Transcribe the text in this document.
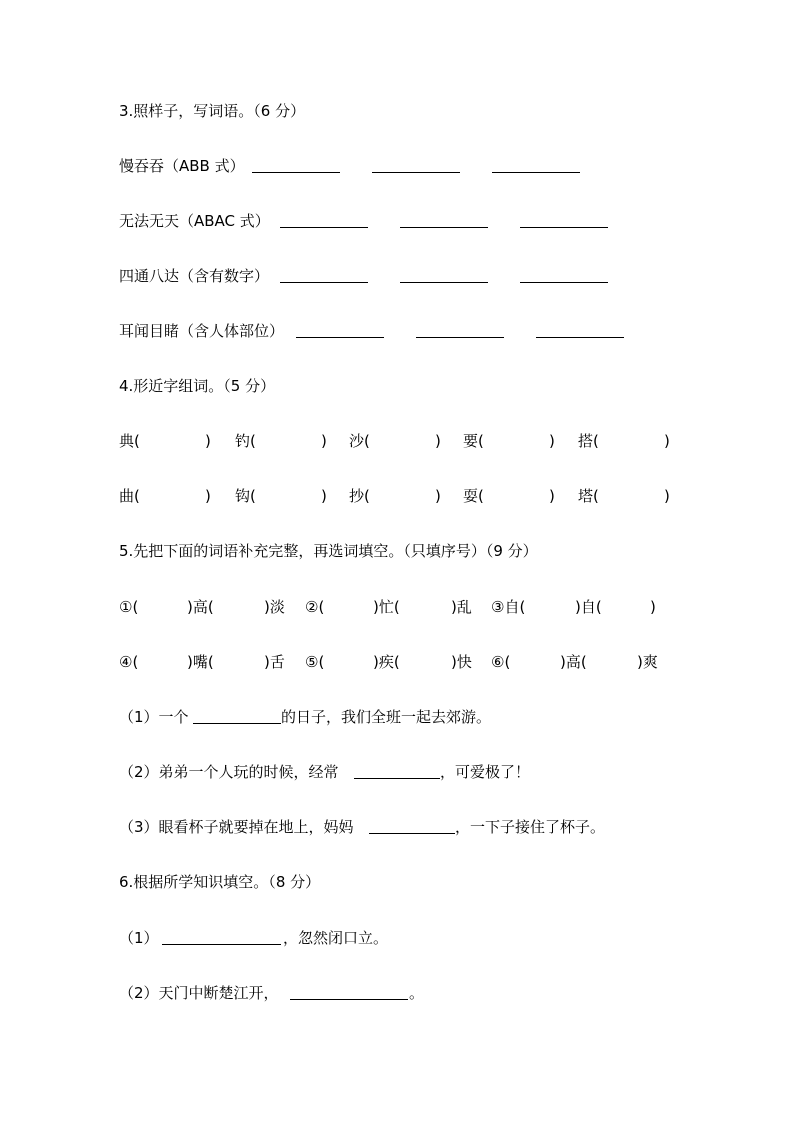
3.照样子，写词语。（6 分）
慢吞吞（ABB 式）
无法无天（ABAC 式）
四通八达（含有数字）
耳闻目睹（含人体部位）
4.形近字组词。（5 分）
典(	) 钓(	) 沙(	) 要(	) 搭(	)
曲(	) 钩(	) 抄(	) 耍(	) 塔(	)
5.先把下面的词语补充完整，再选词填空。（只填序号）（9 分）
①(	)高(	)淡 ②(	)忙(	)乱 ③自(	)自(	)
④(	)嘴(	)舌 ⑤(	)疾(	)快 ⑥(	)高(	)爽
（1）一个	的日子，我们全班一起去郊游。
（2）弟弟一个人玩的时候，经常	，可爱极了！
（3）眼看杯子就要掉在地上，妈妈	，一下子接住了杯子。
6.根据所学知识填空。（8 分）
（1）	，忽然闭口立。
（2）天门中断楚江开，	。
